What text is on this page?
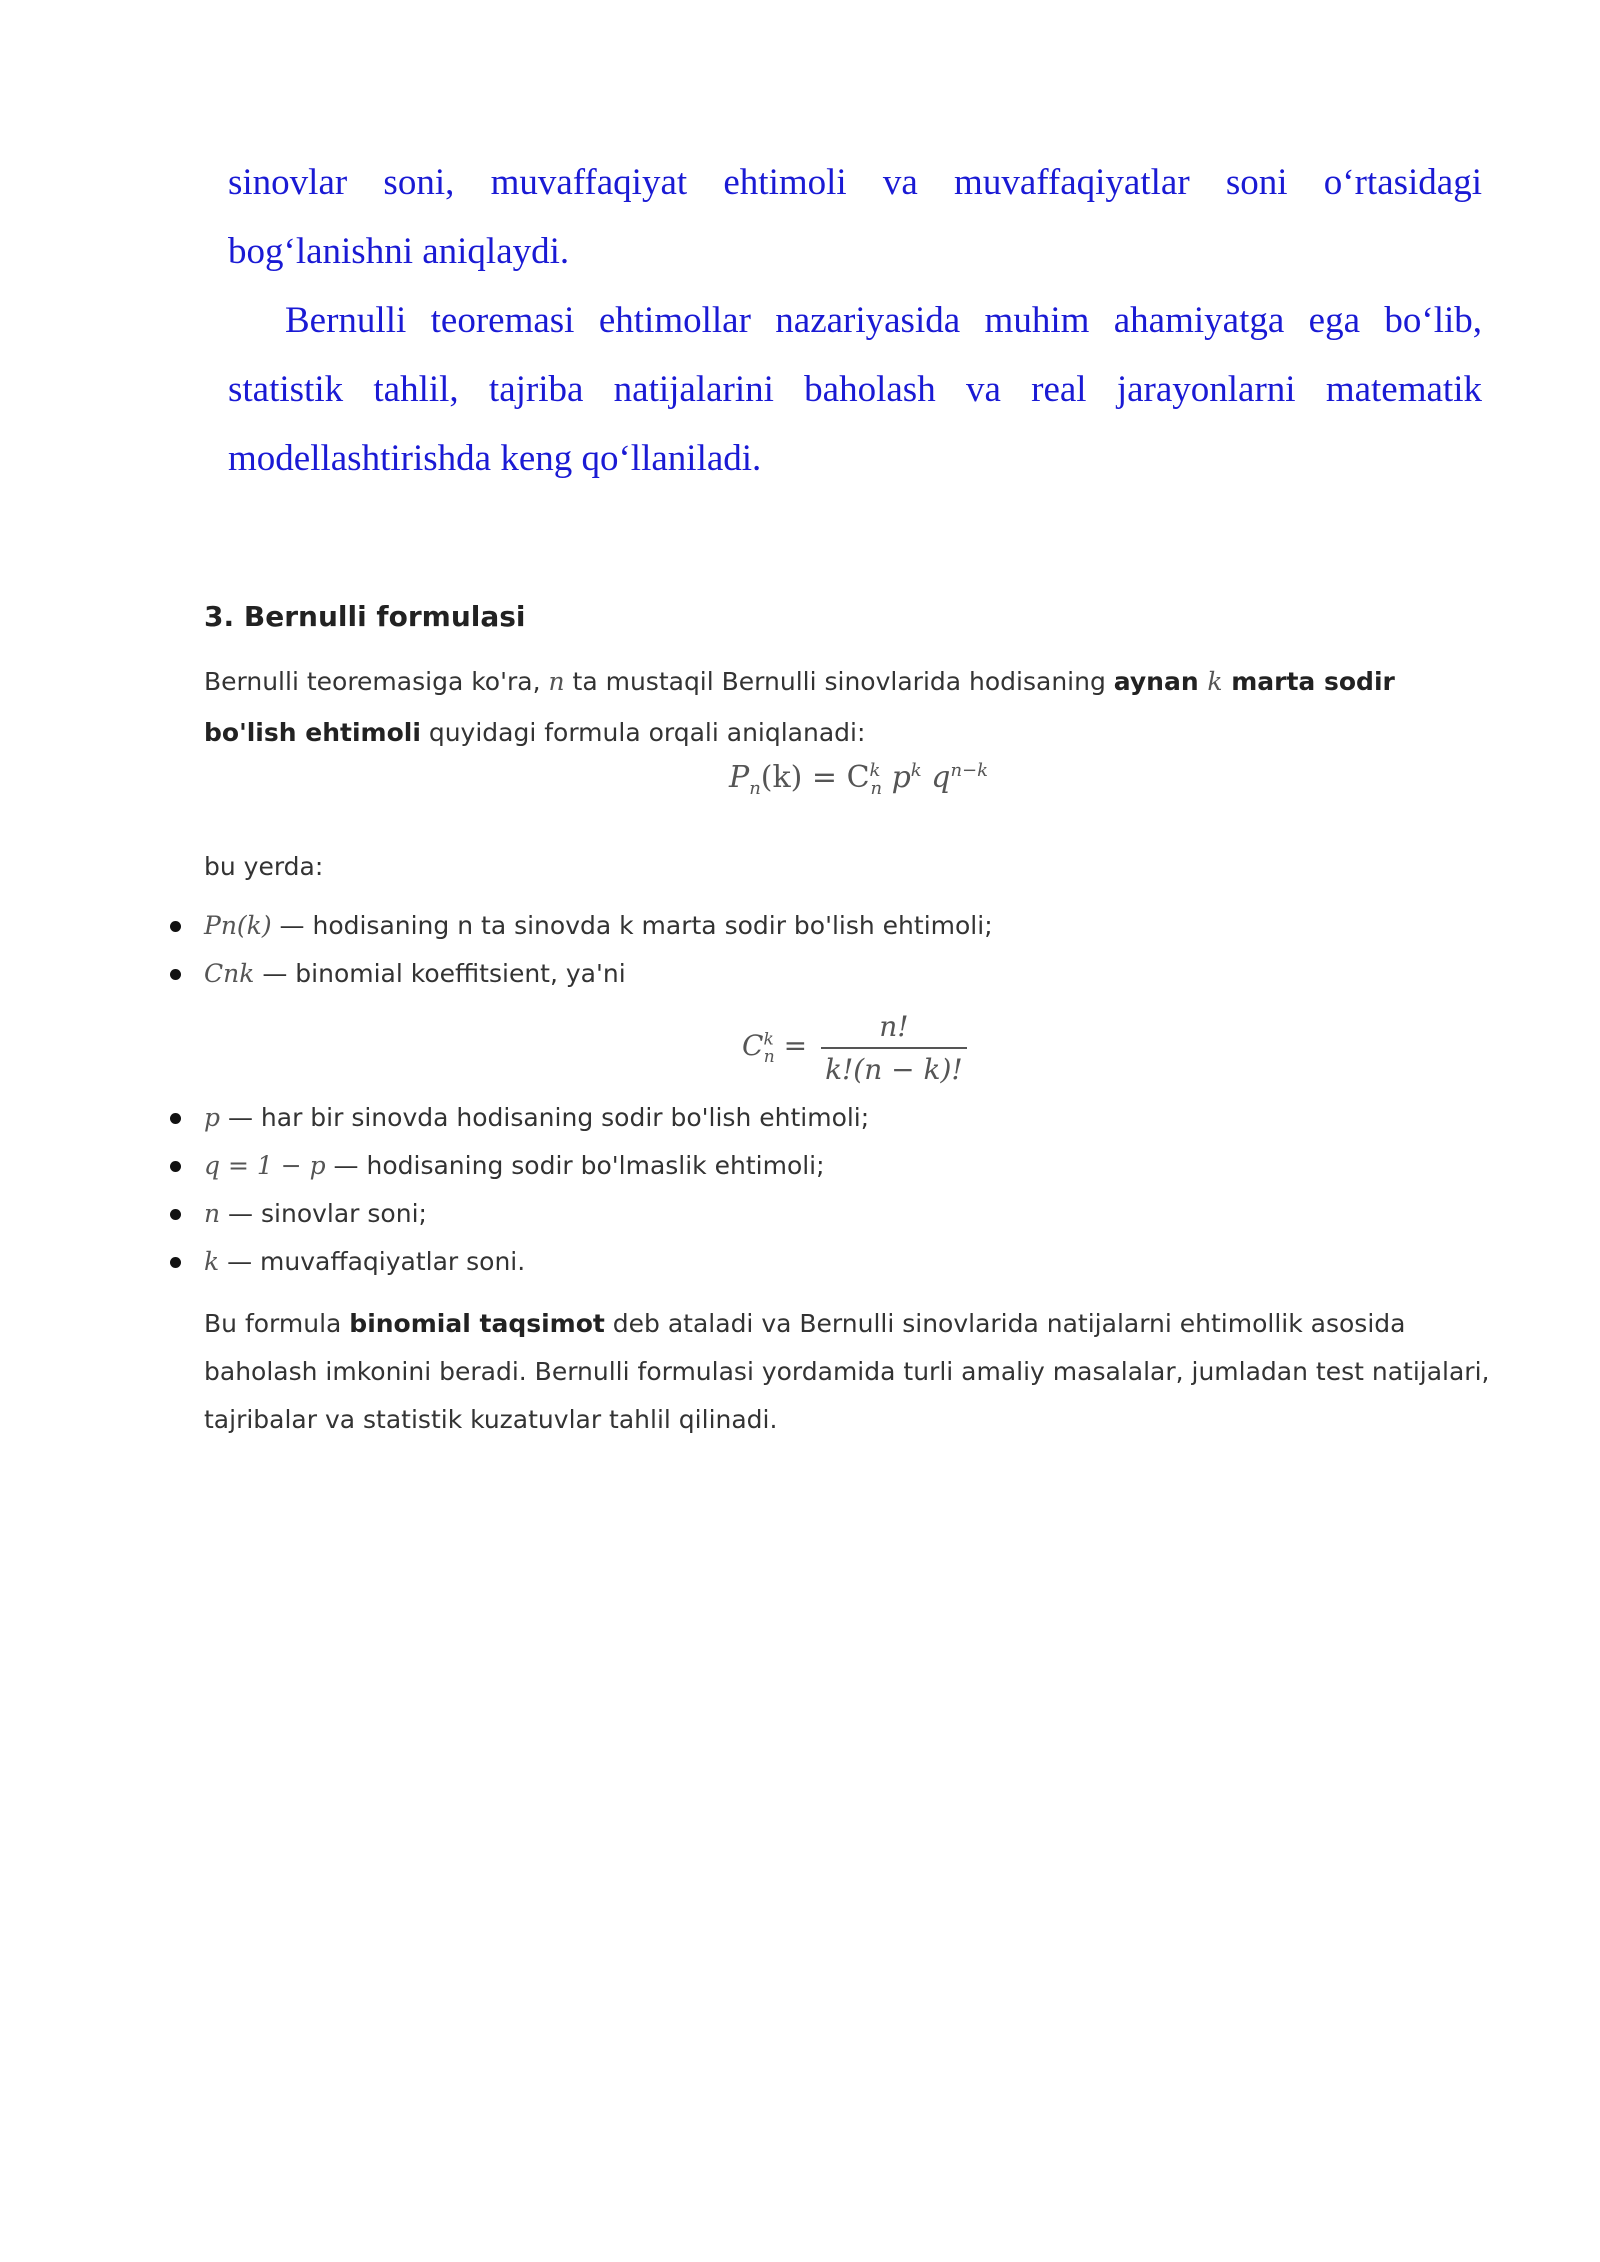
sinovlar soni, muvaffaqiyat ehtimoli va muvaffaqiyatlar soni o‘rtasidagi

bog‘lanishni aniqlaydi.

Bernulli teoremasi ehtimollar nazariyasida muhim ahamiyatga ega bo‘lib, statistik tahlil, tajriba natijalarini baholash va real jarayonlarni matematik modellashtirishda keng qo‘llaniladi.

3. Bernulli formulasi
Bernulli teoremasiga ko'ra, n ta mustaqil Bernulli sinovlarida hodisaning aynan k marta sodir bo'lish ehtimoli quyidagi formula orqali aniqlanadi:
$P_n(k) = C^k_n$ $p^k$ $q^{n-k}$
bu yerda:
Pn(k) — hodisaning n ta sinovda k marta sodir bo'lish ehtimoli;
Cnk — binomial koeffitsient, ya'ni
$C^k_n = \frac{n!}{k!(n - k)!}$
p — har bir sinovda hodisaning sodir bo'lish ehtimoli;
q = 1 − p — hodisaning sodir bo'lmaslik ehtimoli;
n — sinovlar soni;
k — muvaffaqiyatlar soni.
Bu formula binomial taqsimot deb ataladi va Bernulli sinovlarida natijalarni ehtimollik asosida baholash imkonini beradi. Bernulli formulasi yordamida turli amaliy masalalar, jumladan test natijalari, tajribalar va statistik kuzatuvlar tahlil qilinadi.
